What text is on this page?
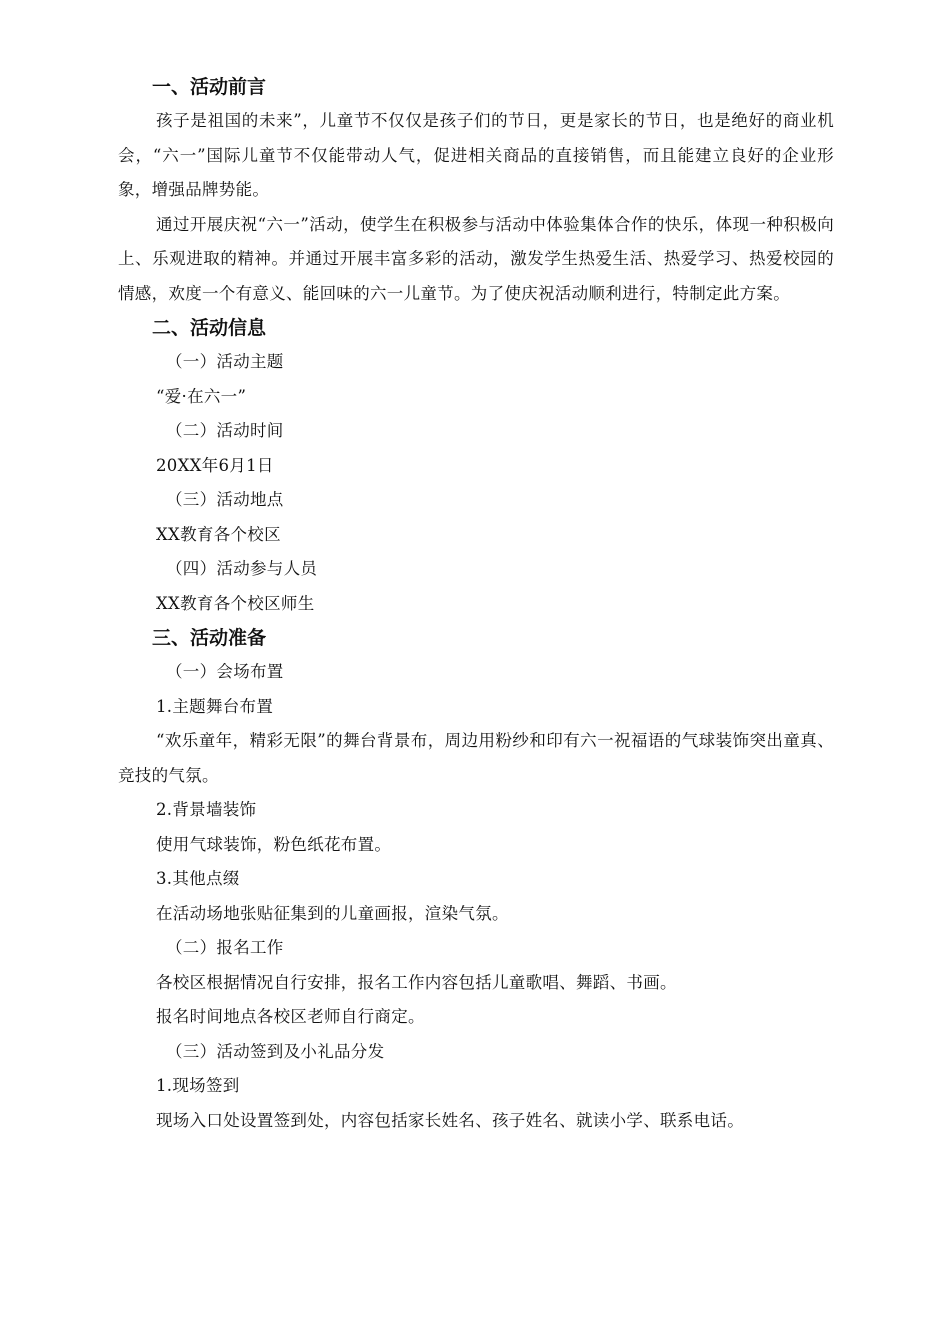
一、活动前言

孩子是祖国的未来”，儿童节不仅仅是孩子们的节日，更是家长的节日，也是绝好的商业机会，“六一”国际儿童节不仅能带动人气，促进相关商品的直接销售，而且能建立良好的企业形象，增强品牌势能。

通过开展庆祝“六一”活动，使学生在积极参与活动中体验集体合作的快乐，体现一种积极向上、乐观进取的精神。并通过开展丰富多彩的活动，激发学生热爱生活、热爱学习、热爱校园的情感，欢度一个有意义、能回味的六一儿童节。为了使庆祝活动顺利进行，特制定此方案。

二、活动信息
（一）活动主题
“爱·在六一”
（二）活动时间
20XX年6月1日
（三）活动地点
XX教育各个校区
（四）活动参与人员
XX教育各个校区师生
三、活动准备
（一）会场布置
1.主题舞台布置

“欢乐童年，精彩无限”的舞台背景布，周边用粉纱和印有六一祝福语的气球装饰突出童真、竞技的气氛。

2.背景墙装饰
使用气球装饰，粉色纸花布置。
3.其他点缀
在活动场地张贴征集到的儿童画报，渲染气氛。
（二）报名工作
各校区根据情况自行安排，报名工作内容包括儿童歌唱、舞蹈、书画。
报名时间地点各校区老师自行商定。
（三）活动签到及小礼品分发
1.现场签到
现场入口处设置签到处，内容包括家长姓名、孩子姓名、就读小学、联系电话。
